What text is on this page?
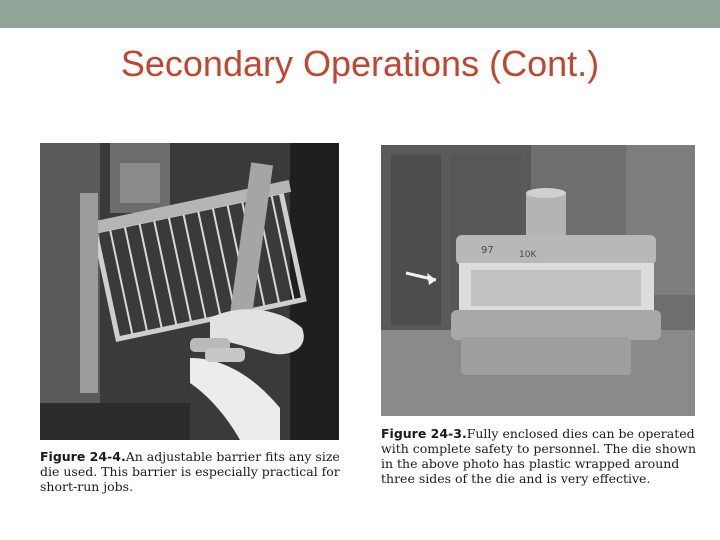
Secondary Operations (Cont.)
Figure 24-4.An adjustable barrier fits any size die used. This barrier is especially practical for short-run jobs.
97	10K
Figure 24-3.Fully enclosed dies can be operated with complete safety to personnel. The die shown in the above photo has plastic wrapped around three sides of the die and is very effective.
